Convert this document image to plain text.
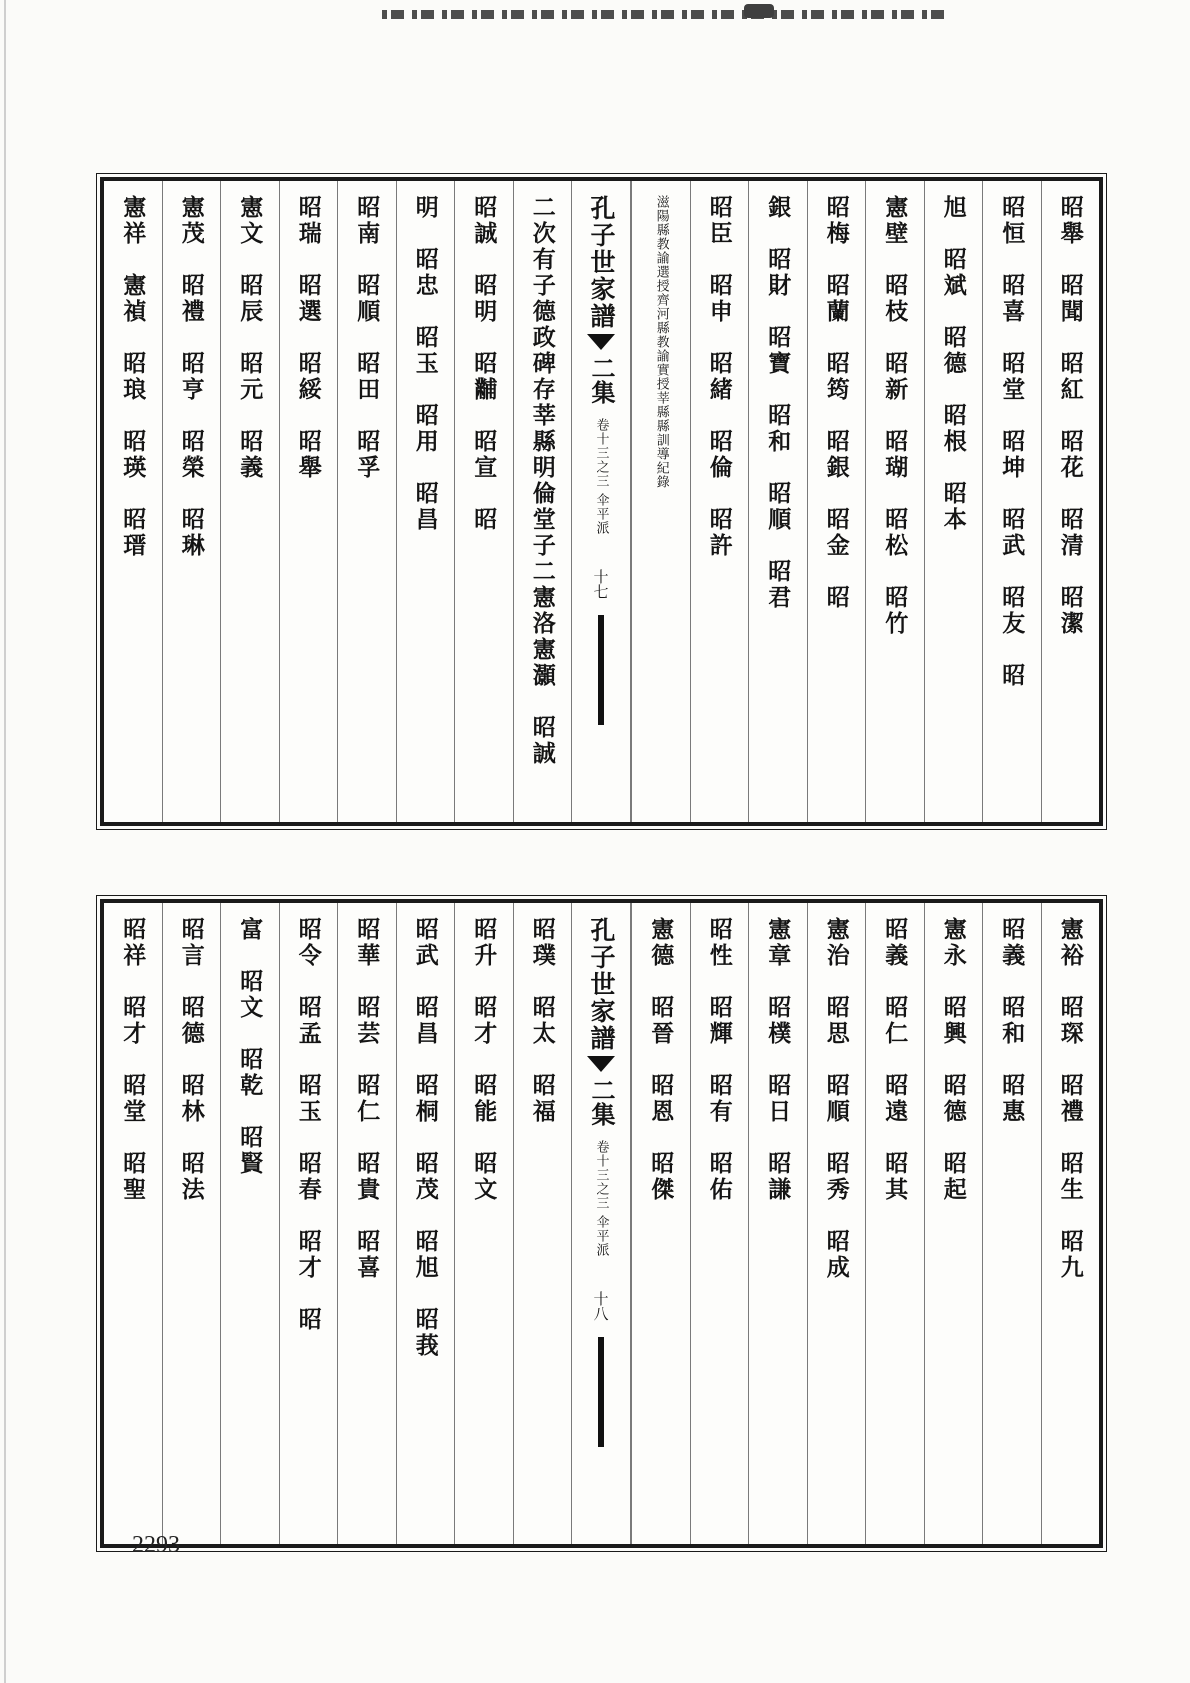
昭舉　昭聞　昭紅　昭花　昭清　昭潔
昭恒　昭喜　昭堂　昭坤　昭武　昭友　昭
旭　昭斌　昭德　昭根　昭本
憲壁　昭枝　昭新　昭瑚　昭松　昭竹
昭梅　昭蘭　昭筠　昭銀　昭金　昭
銀　昭財　昭寶　昭和　昭順　昭君
昭臣　昭申　昭緒　昭倫　昭許
滋陽縣教諭選授齊河縣教諭實授莘縣縣訓導紀錄
孔子世家譜
二集
卷十三之三 伞平派
十七
二次有子德政碑存莘縣明倫堂子二憲洛憲灝　昭誠
昭誠　昭明　昭黼　昭宣　昭
明　昭忠　昭玉　昭用　昭昌
昭南　昭順　昭田　昭孚
昭瑞　昭選　昭綏　昭舉
憲文　昭辰　昭元　昭義
憲茂　昭禮　昭亨　昭榮　昭琳
憲祥　憲禎　昭琅　昭瑛　昭瑨
憲裕　昭琛　昭禮　昭生　昭九
昭義　昭和　昭惠
憲永　昭興　昭德　昭起
昭義　昭仁　昭遠　昭其
憲治　昭思　昭順　昭秀　昭成
憲章　昭樸　昭日　昭謙
昭性　昭輝　昭有　昭佑
憲德　昭晉　昭恩　昭傑
孔子世家譜
二集
卷十三之三 伞平派
十八
昭璞　昭太　昭福
昭升　昭才　昭能　昭文
昭武　昭昌　昭桐　昭茂　昭旭　昭莪
昭華　昭芸　昭仁　昭貴　昭喜
昭令　昭孟　昭玉　昭春　昭才　昭
富　昭文　昭乾　昭賢
昭言　昭德　昭林　昭法
昭祥　昭才　昭堂　昭聖
2293
